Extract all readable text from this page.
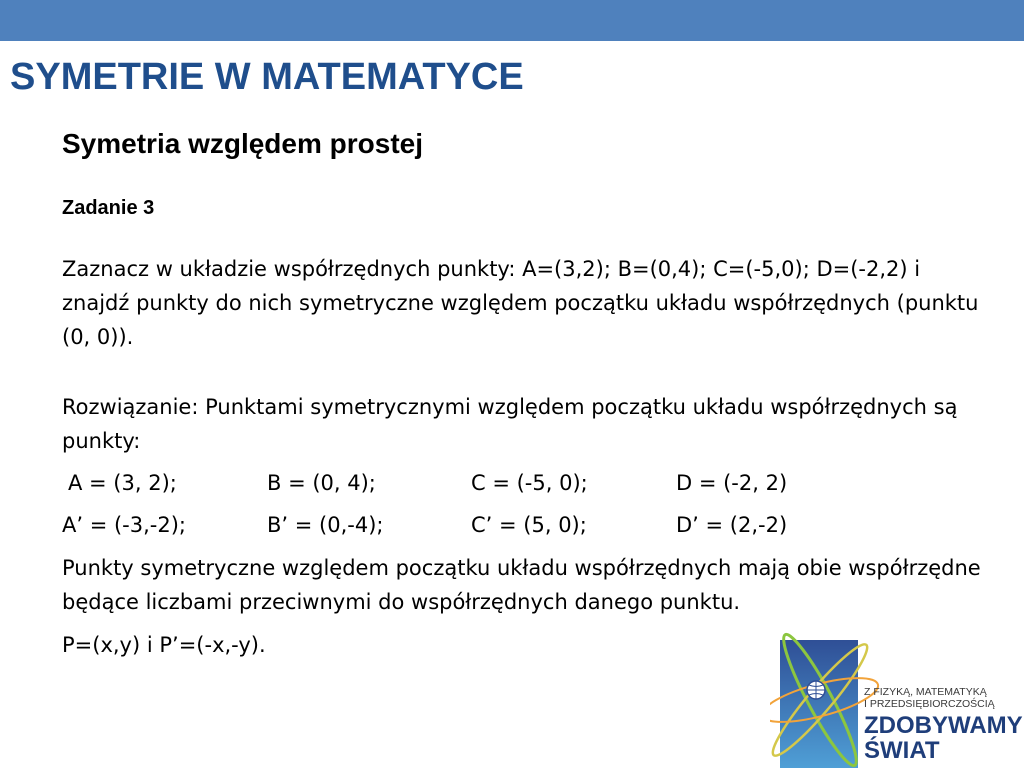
SYMETRIE W MATEMATYCE
Symetria względem prostej
Zadanie 3

Zaznacz w układzie współrzędnych punkty: A=(3,2); B=(0,4); C=(-5,0); D=(-2,2) i znajdź punkty do nich symetryczne względem początku układu współrzędnych (punktu (0, 0)).

Rozwiązanie: Punktami symetrycznymi względem początku układu współrzędnych są punkty:

A = (3, 2);	B = (0, 4);	C = (-5, 0);	D = (-2, 2)
A’ = (-3,-2);	B’ = (0,-4);	C’ = (5, 0);	D’ = (2,-2)

Punkty symetryczne względem początku układu współrzędnych mają obie współrzędne będące liczbami przeciwnymi do współrzędnych danego punktu.

P=(x,y) i P’=(-x,-y).

Z FIZYKĄ, MATEMATYKĄ
I PRZEDSIĘBIORCZOŚCIĄ
ZDOBYWAMY
ŚWIAT
